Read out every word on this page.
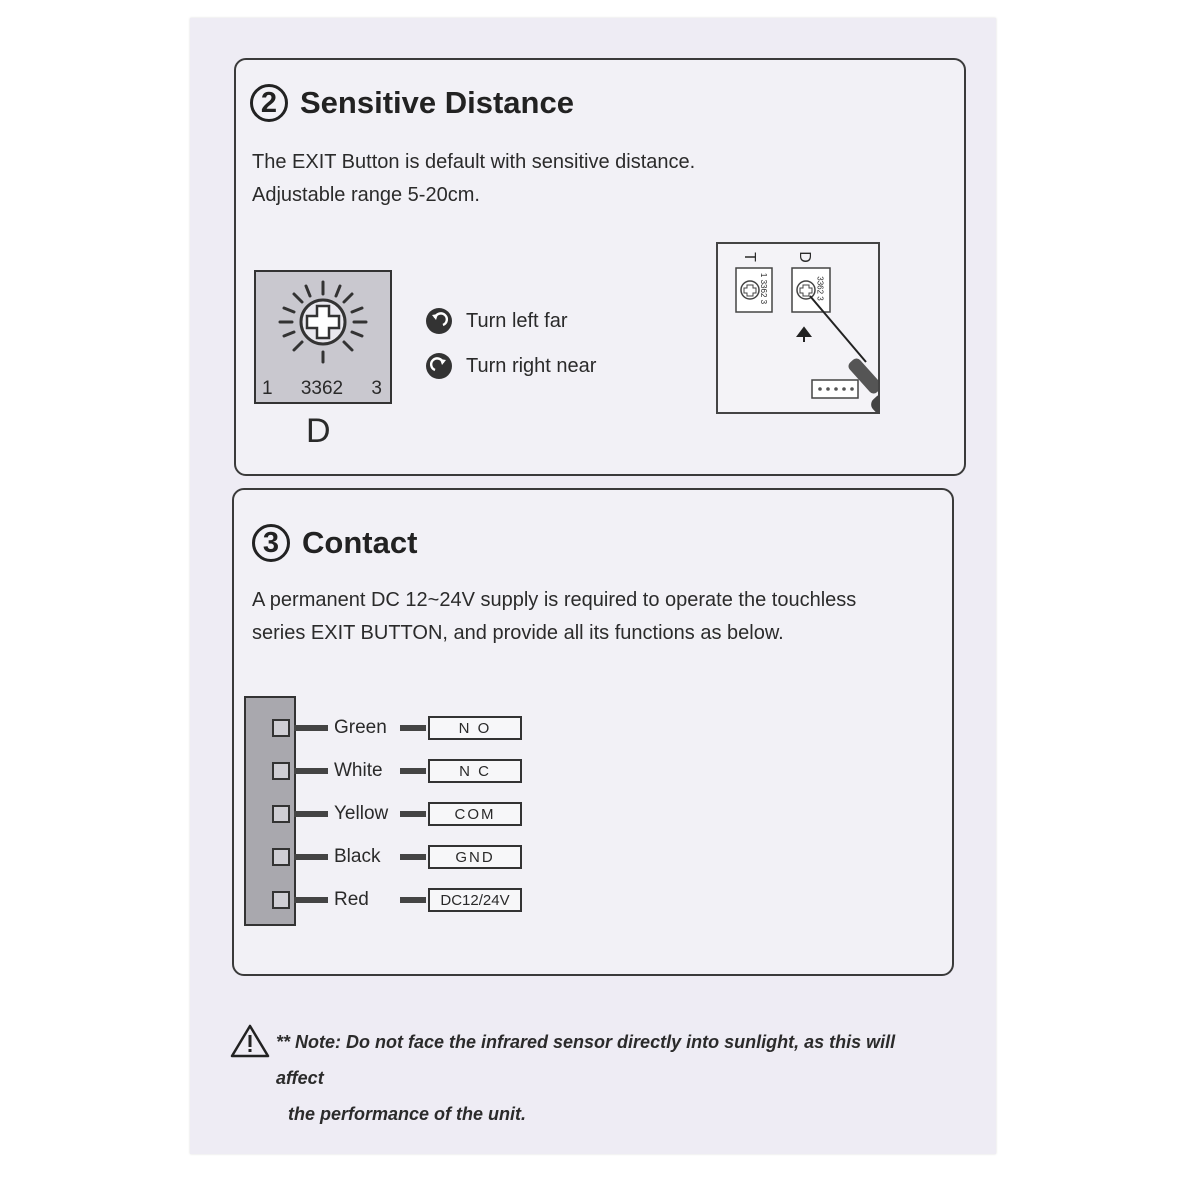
2 Sensitive Distance
The EXIT Button is default with sensitive distance.
Adjustable range 5-20cm.
1 3362 3
D
Turn left far
Turn right near
T D
1 3362 3	3362 3
3 Contact
A permanent DC 12~24V supply is required to operate the touchless
series EXIT BUTTON, and provide all its functions as below.
Green	N O
White	N C
Yellow	COM
Black	GND
Red	DC12/24V
** Note: Do not face the infrared sensor directly into sunlight, as this will affect
the performance of the unit.
